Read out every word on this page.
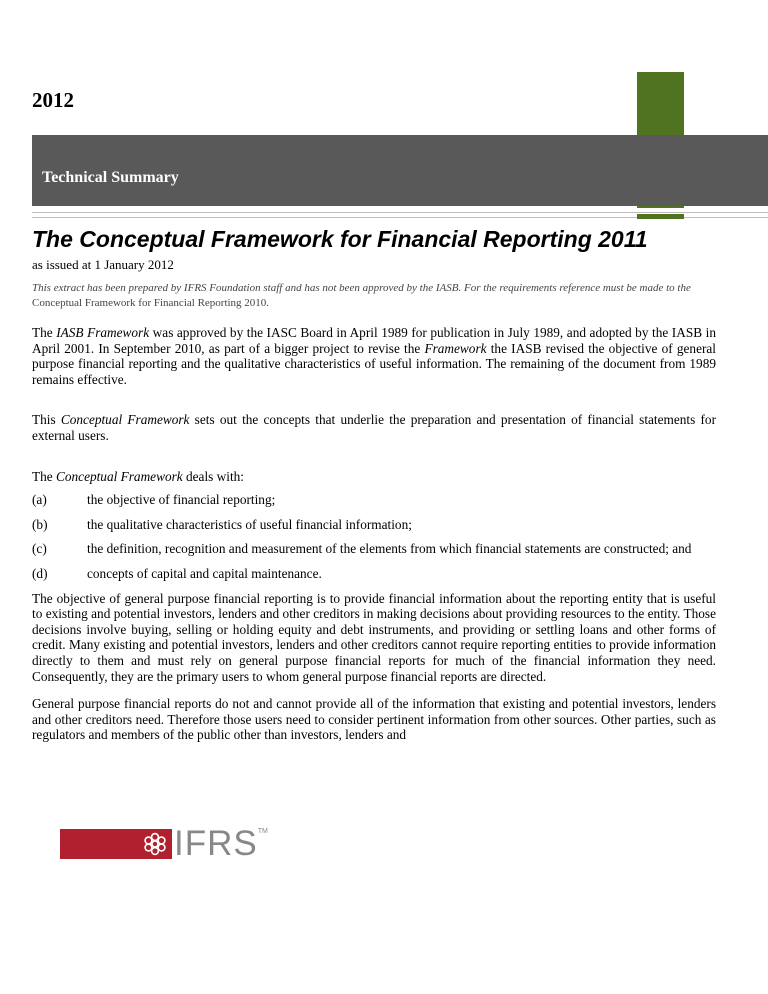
2012
Technical Summary
The Conceptual Framework for Financial Reporting 2011
as issued at 1 January 2012
This extract has been prepared by IFRS Foundation staff and has not been approved by the IASB. For the requirements reference must be made to the Conceptual Framework for Financial Reporting 2010.

The IASB Framework was approved by the IASC Board in April 1989 for publication in July 1989, and adopted by the IASB in April 2001. In September 2010, as part of a bigger project to revise the Framework the IASB revised the objective of general purpose financial reporting and the qualitative characteristics of useful information. The remaining of the document from 1989 remains effective.

This Conceptual Framework sets out the concepts that underlie the preparation and presentation of financial statements for external users.

The Conceptual Framework deals with:

(a)	the objective of financial reporting;
(b)	the qualitative characteristics of useful financial information;
(c)	the definition, recognition and measurement of the elements from which financial statements are constructed; and
(d)	concepts of capital and capital maintenance.

The objective of general purpose financial reporting is to provide financial information about the reporting entity that is useful to existing and potential investors, lenders and other creditors in making decisions about providing resources to the entity. Those decisions involve buying, selling or holding equity and debt instruments, and providing or settling loans and other forms of credit. Many existing and potential investors, lenders and other creditors cannot require reporting entities to provide information directly to them and must rely on general purpose financial reports for much of the financial information they need. Consequently, they are the primary users to whom general purpose financial reports are directed.

General purpose financial reports do not and cannot provide all of the information that existing and potential investors, lenders and other creditors need. Therefore those users need to consider pertinent information from other sources. Other parties, such as regulators and members of the public other than investors, lenders and

IFRS TM
